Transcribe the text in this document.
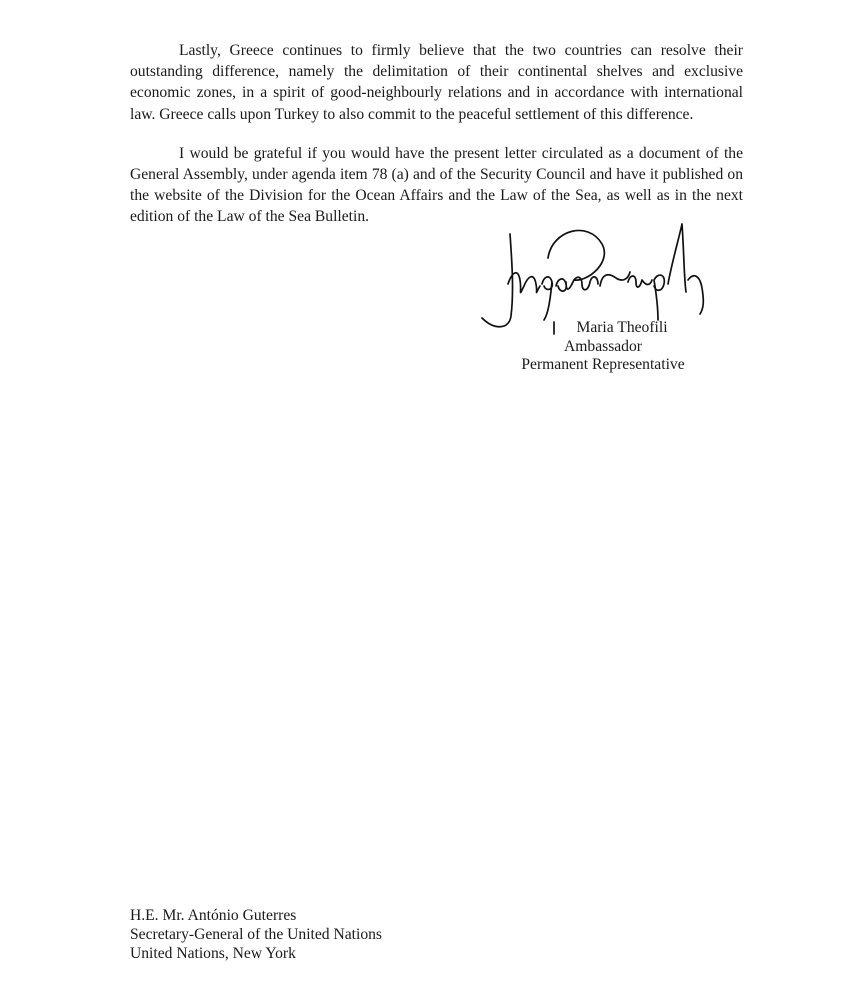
Lastly, Greece continues to firmly believe that the two countries can resolve their outstanding difference, namely the delimitation of their continental shelves and exclusive economic zones, in a spirit of good-neighbourly relations and in accordance with international law. Greece calls upon Turkey to also commit to the peaceful settlement of this difference.

I would be grateful if you would have the present letter circulated as a document of the General Assembly, under agenda item 78 (a) and of the Security Council and have it published on the website of the Division for the Ocean Affairs and the Law of the Sea, as well as in the next edition of the Law of the Sea Bulletin.

Maria Theofili
Ambassador
Permanent Representative
H.E. Mr. António Guterres
Secretary-General of the United Nations
United Nations, New York
